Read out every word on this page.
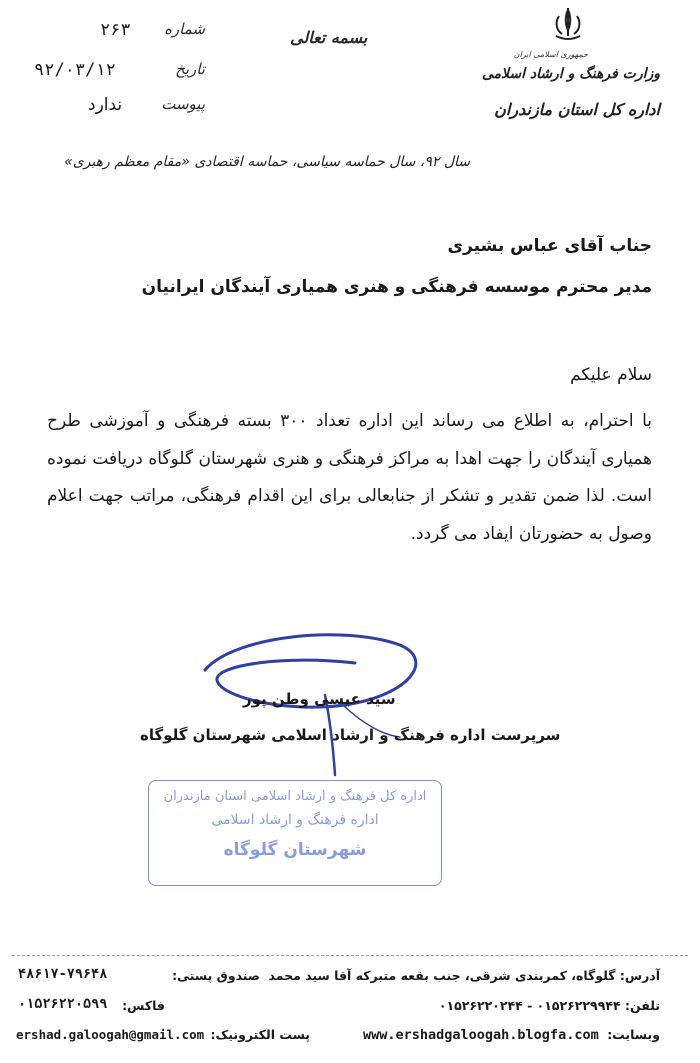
شماره
۲۶۳
تاریخ
۹۲/۰۳/۱۲
پیوست
ندارد
بسمه تعالی
جمهوری اسلامی ایران
وزارت فرهنگ و ارشاد اسلامی
اداره کل استان مازندران
سال ۹۲، سال حماسه سیاسی، حماسه اقتصادی «مقام معظم رهبری»
جناب آقای عباس بشیری
مدیر محترم موسسه فرهنگی و هنری همیاری آیندگان ایرانیان
سلام علیکم
با احترام، به اطلاع می رساند این اداره تعداد ۳۰۰ بسته فرهنگی و آموزشی طرح همیاری آیندگان را جهت اهدا به مراکز فرهنگی و هنری شهرستان گلوگاه دریافت نموده است. لذا ضمن تقدیر و تشکر از جنابعالی برای این اقدام فرهنگی، مراتب جهت اعلام وصول به حضورتان ایفاد می گردد.
سید عیسی وطن پور
سرپرست اداره فرهنگ و ارشاد اسلامی شهرستان گلوگاه
اداره کل فرهنگ و ارشاد اسلامی استان مازندران
اداره فرهنگ و ارشاد اسلامی
شهرستان گلوگاه
آدرس: گلوگاه، کمربندی شرقی، جنب بقعه متبرکه آقا سید محمد
تلفن: ۰۱۵۲۶۲۲۹۹۴۴ - ۰۱۵۲۶۲۲۰۲۴۴
وبسایت:
www.ershadgaloogah.blogfa.com
صندوق پستی:
۴۸۶۱۷-۷۹۶۴۸
فاکس:
۰۱۵۲۶۲۲۰۵۹۹
پست الکترونیک:
ershad.galoogah@gmail.com
